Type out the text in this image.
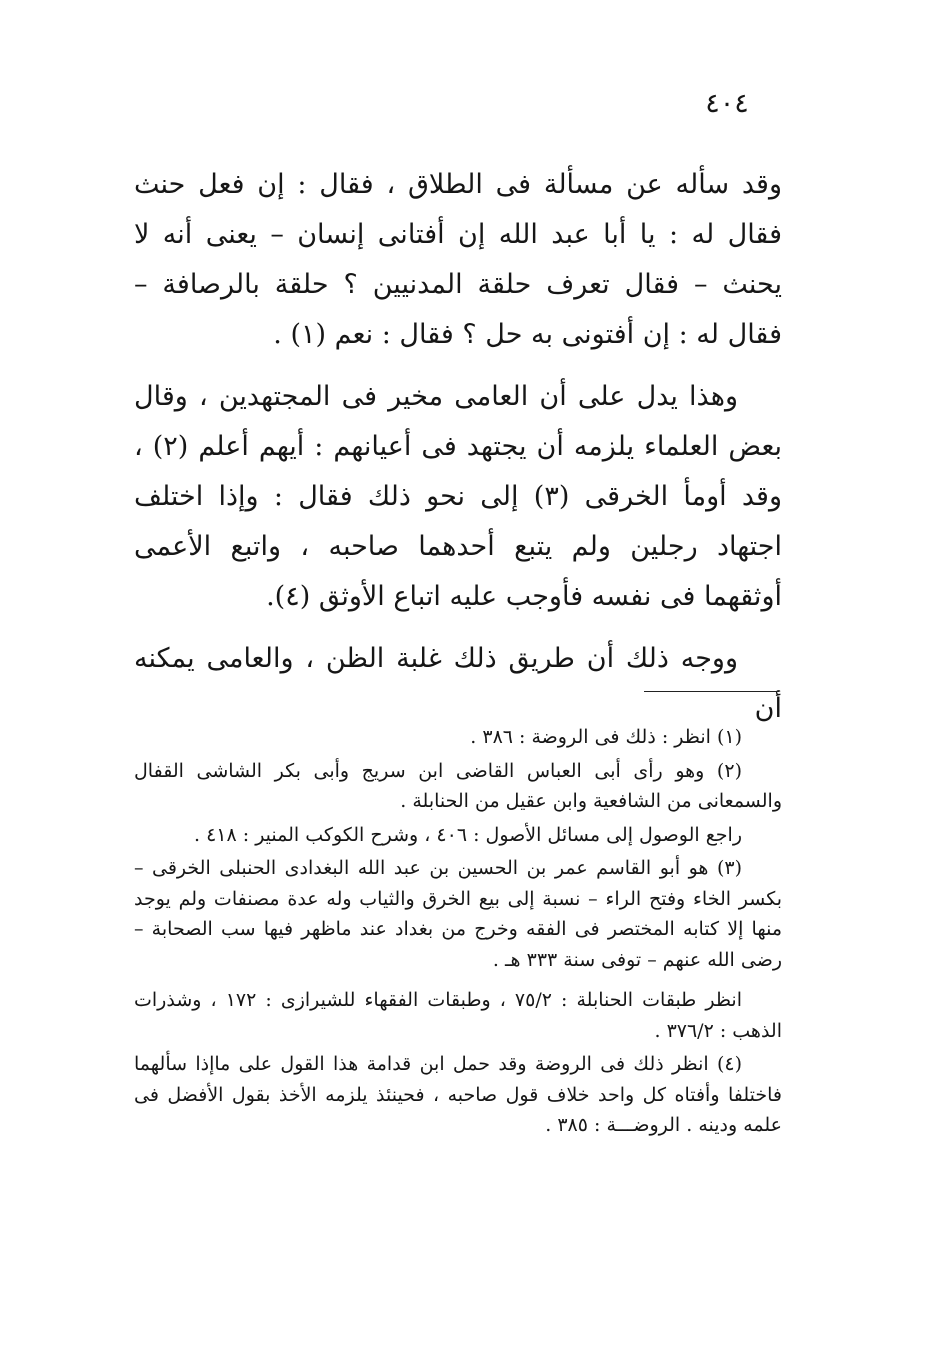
٤٠٤

وقد سأله عن مسألة فى الطلاق ، فقال : إن فعل حنث فقال له : يا أبا عبد الله إن أفتانى إنسان – يعنى أنه لا يحنث – فقال تعرف حلقة المدنيين ؟ حلقة بالرصافة – فقال له : إن أفتونى به حل ؟ فقال : نعم (١) .

وهذا يدل على أن العامى مخير فى المجتهدين ، وقال بعض العلماء يلزمه أن يجتهد فى أعيانهم : أيهم أعلم (٢) ، وقد أومأ الخرقى (٣) إلى نحو ذلك فقال : وإذا اختلف اجتهاد رجلين ولم يتبع أحدهما صاحبه ، واتبع الأعمى أوثقهما فى نفسه فأوجب عليه اتباع الأوثق (٤).

ووجه ذلك أن طريق ذلك غلبة الظن ، والعامى يمكنه أن

(١) انظر : ذلك فى الروضة : ٣٨٦ .

(٢) وهو رأى أبى العباس القاضى ابن سريج وأبى بكر الشاشى القفال والسمعانى من الشافعية وابن عقيل من الحنابلة .

راجع الوصول إلى مسائل الأصول : ٤٠٦ ، وشرح الكوكب المنير : ٤١٨ .

(٣) هو أبو القاسم عمر بن الحسين بن عبد الله البغدادى الحنبلى الخرقى – بكسر الخاء وفتح الراء – نسبة إلى بيع الخرق والثياب وله عدة مصنفات ولم يوجد منها إلا كتابه المختصر فى الفقه وخرج من بغداد عند ماظهر فيها سب الصحابة – رضى الله عنهم – توفى سنة ٣٣٣ هـ .

انظر طبقات الحنابلة : ٧٥/٢ ، وطبقات الفقهاء للشيرازى : ١٧٢ ، وشذرات الذهب : ٣٧٦/٢ .

(٤) انظر ذلك فى الروضة وقد حمل ابن قدامة هذا القول على ماإذا سألهما فاختلفا وأفتاه كل واحد خلاف قول صاحبه ، فحينئذ يلزمه الأخذ بقول الأفضل فى علمه ودينه . الروضـــة : ٣٨٥ .
